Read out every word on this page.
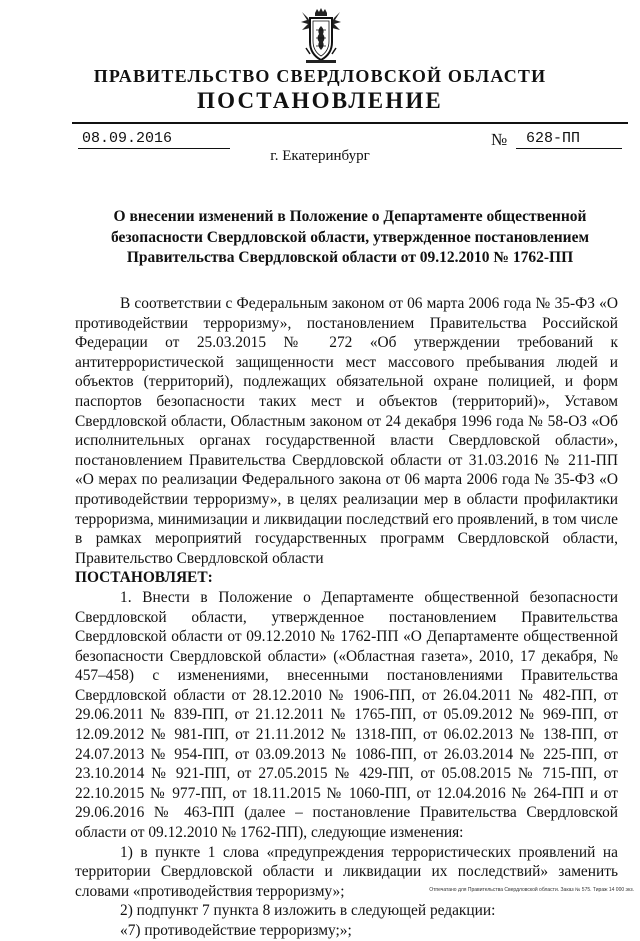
ПРАВИТЕЛЬСТВО СВЕРДЛОВСКОЙ ОБЛАСТИ
ПОСТАНОВЛЕНИЕ
08.09.2016	№	628-ПП
г. Екатеринбург
О внесении изменений в Положение о Департаменте общественной безопасности Свердловской области, утвержденное постановлением Правительства Свердловской области от 09.12.2010 № 1762-ПП

В соответствии с Федеральным законом от 06 марта 2006 года № 35-ФЗ «О противодействии терроризму», постановлением Правительства Российской Федерации от 25.03.2015 № 272 «Об утверждении требований к антитеррористической защищенности мест массового пребывания людей и объектов (территорий), подлежащих обязательной охране полицией, и форм паспортов безопасности таких мест и объектов (территорий)», Уставом Свердловской области, Областным законом от 24 декабря 1996 года № 58-ОЗ «Об исполнительных органах государственной власти Свердловской области», постановлением Правительства Свердловской области от 31.03.2016 № 211-ПП «О мерах по реализации Федерального закона от 06 марта 2006 года № 35-ФЗ «О противодействии терроризму», в целях реализации мер в области профилактики терроризма, минимизации и ликвидации последствий его проявлений, в том числе в рамках мероприятий государственных программ Свердловской области, Правительство Свердловской области

ПОСТАНОВЛЯЕТ:

1. Внести в Положение о Департаменте общественной безопасности Свердловской области, утвержденное постановлением Правительства Свердловской области от 09.12.2010 № 1762-ПП «О Департаменте общественной безопасности Свердловской области» («Областная газета», 2010, 17 декабря, № 457–458) с изменениями, внесенными постановлениями Правительства Свердловской области от 28.12.2010 № 1906-ПП, от 26.04.2011 № 482-ПП, от 29.06.2011 № 839-ПП, от 21.12.2011 № 1765-ПП, от 05.09.2012 № 969-ПП, от 12.09.2012 № 981-ПП, от 21.11.2012 № 1318-ПП, от 06.02.2013 № 138-ПП, от 24.07.2013 № 954-ПП, от 03.09.2013 № 1086-ПП, от 26.03.2014 № 225-ПП, от 23.10.2014 № 921-ПП, от 27.05.2015 № 429-ПП, от 05.08.2015 № 715-ПП, от 22.10.2015 № 977-ПП, от 18.11.2015 № 1060-ПП, от 12.04.2016 № 264-ПП и от 29.06.2016 № 463-ПП (далее – постановление Правительства Свердловской области от 09.12.2010 № 1762-ПП), следующие изменения:

1) в пункте 1 слова «предупреждения террористических проявлений на территории Свердловской области и ликвидации их последствий» заменить словами «противодействия терроризму»;

2) подпункт 7 пункта 8 изложить в следующей редакции:

«7) противодействие терроризму;»;

Отпечатано для Правительства Свердловской области. Заказ № 575. Тираж 14 000 экз.
